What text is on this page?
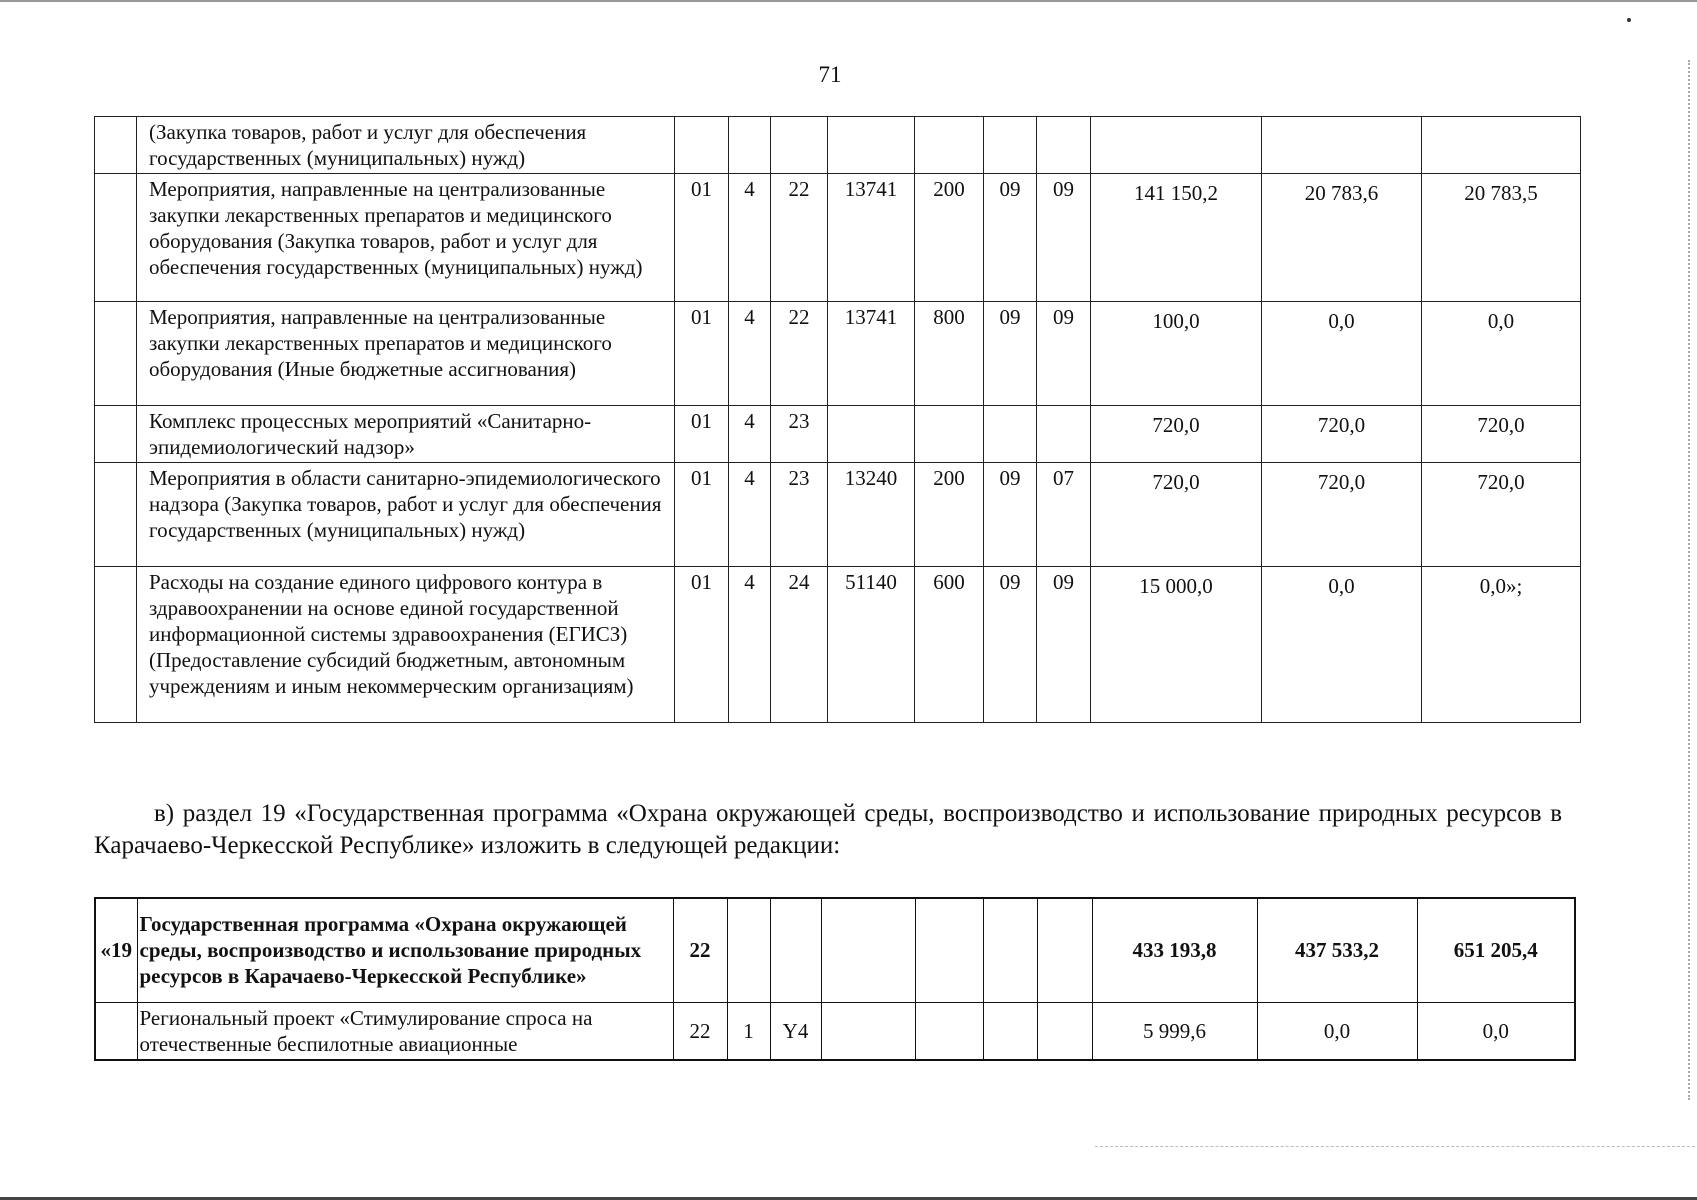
71
	(Закупка товаров, работ и услуг для обеспечения государственных (муниципальных) нужд)										
	Мероприятия, направленные на централизованные закупки лекарственных препаратов и медицинского оборудования (Закупка товаров, работ и услуг для обеспечения государственных (муниципальных) нужд)	01	4	22	13741	200	09	09	141 150,2	20 783,6	20 783,5
	Мероприятия, направленные на централизованные закупки лекарственных препаратов и медицинского оборудования (Иные бюджетные ассигнования)	01	4	22	13741	800	09	09	100,0	0,0	0,0
	Комплекс процессных мероприятий «Санитарно-эпидемиологический надзор»	01	4	23					720,0	720,0	720,0
	Мероприятия в области санитарно-эпидемиологического надзора (Закупка товаров, работ и услуг для обеспечения государственных (муниципальных) нужд)	01	4	23	13240	200	09	07	720,0	720,0	720,0
	Расходы на создание единого цифрового контура в здравоохранении на основе единой государственной информационной системы здравоохранения (ЕГИСЗ) (Предоставление субсидий бюджетным, автономным учреждениям и иным некоммерческим организациям)	01	4	24	51140	600	09	09	15 000,0	0,0	0,0»;
в) раздел 19 «Государственная программа «Охрана окружающей среды, воспроизводство и использование природных ресурсов в Карачаево-Черкесской Республике» изложить в следующей редакции:
«19	Государственная программа «Охрана окружающей среды, воспроизводство и использование природных ресурсов в Карачаево-Черкесской Республике»	22							433 193,8	437 533,2	651 205,4
	Региональный проект «Стимулирование спроса на отечественные беспилотные авиационные	22	1	Y4					5 999,6	0,0	0,0
